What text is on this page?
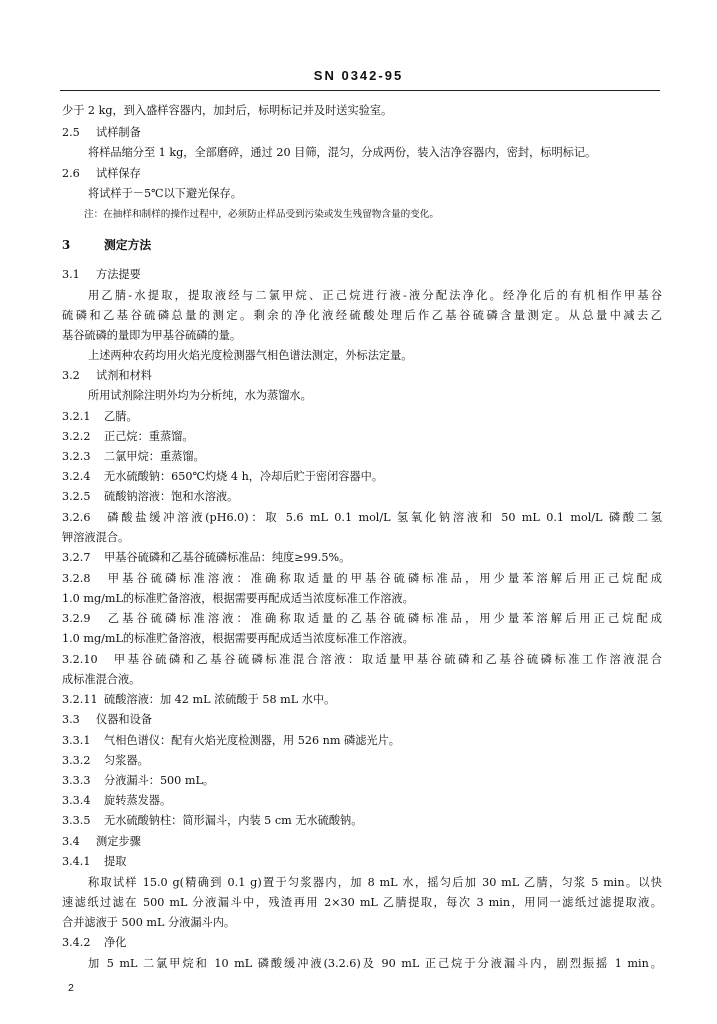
SN 0342-95
少于 2 kg，到入盛样容器内，加封后，标明标记并及时送实验室。
2.5 试样制备
将样品缩分至 1 kg，全部磨碎，通过 20 目筛，混匀，分成两份，装入洁净容器内，密封，标明标记。
2.6 试样保存
将试样于－5℃以下避光保存。
注：在抽样和制样的操作过程中，必须防止样品受到污染或发生残留物含量的变化。
3	测定方法
3.1 方法提要
用乙腈-水提取，提取液经与二氯甲烷、正己烷进行液-液分配法净化。经净化后的有机相作甲基谷
硫磷和乙基谷硫磷总量的测定。剩余的净化液经硫酸处理后作乙基谷硫磷含量测定。从总量中减去乙
基谷硫磷的量即为甲基谷硫磷的量。
上述两种农药均用火焰光度检测器气相色谱法测定，外标法定量。
3.2 试剂和材料
所用试剂除注明外均为分析纯，水为蒸馏水。
3.2.1 乙腈。
3.2.2 正己烷：重蒸馏。
3.2.3 二氯甲烷：重蒸馏。
3.2.4 无水硫酸钠：650℃灼烧 4 h，冷却后贮于密闭容器中。
3.2.5 硫酸钠溶液：饱和水溶液。
3.2.6　磷酸盐缓冲溶液(pH6.0)：取 5.6 mL 0.1 mol/L 氢氧化钠溶液和 50 mL 0.1 mol/L 磷酸二氢
钾溶液混合。
3.2.7 甲基谷硫磷和乙基谷硫磷标准品：纯度≥99.5%。
3.2.8　甲基谷硫磷标准溶液：准确称取适量的甲基谷硫磷标准品，用少量苯溶解后用正己烷配成
1.0 mg/mL的标准贮备溶液，根据需要再配成适当浓度标准工作溶液。
3.2.9　乙基谷硫磷标准溶液：准确称取适量的乙基谷硫磷标准品，用少量苯溶解后用正己烷配成
1.0 mg/mL的标准贮备溶液，根据需要再配成适当浓度标准工作溶液。
3.2.10　甲基谷硫磷和乙基谷硫磷标准混合溶液：取适量甲基谷硫磷和乙基谷硫磷标准工作溶液混合
成标准混合液。
3.2.11 硫酸溶液：加 42 mL 浓硫酸于 58 mL 水中。
3.3 仪器和设备
3.3.1 气相色谱仪：配有火焰光度检测器，用 526 nm 磷滤光片。
3.3.2 匀浆器。
3.3.3 分液漏斗：500 mL。
3.3.4 旋转蒸发器。
3.3.5 无水硫酸钠柱：简形漏斗，内装 5 cm 无水硫酸钠。
3.4 测定步骤
3.4.1 提取
称取试样 15.0 g(精确到 0.1 g)置于匀浆器内，加 8 mL 水，摇匀后加 30 mL 乙腈，匀浆 5 min。以快
速滤纸过滤在 500 mL 分液漏斗中，残渣再用 2×30 mL 乙腈提取，每次 3 min，用同一滤纸过滤提取液。
合并滤液于 500 mL 分液漏斗内。
3.4.2 净化
加 5 mL 二氯甲烷和 10 mL 磷酸缓冲液(3.2.6)及 90 mL 正己烷于分液漏斗内，剧烈振摇 1 min。
2
